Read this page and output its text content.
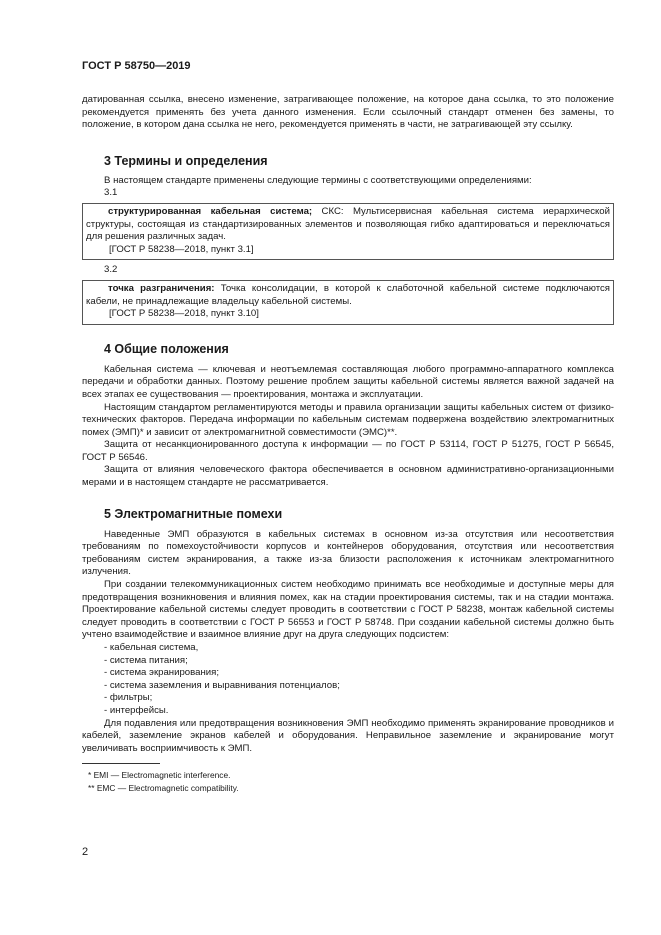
ГОСТ Р 58750—2019

датированная ссылка, внесено изменение, затрагивающее положение, на которое дана ссылка, то это положение рекомендуется применять без учета данного изменения. Если ссылочный стандарт отменен без замены, то положение, в котором дана ссылка не него, рекомендуется применять в части, не затрагивающей эту ссылку.

3 Термины и определения

В настоящем стандарте применены следующие термины с соответствующими определениями:

3.1

структурированная кабельная система; СКС: Мультисервисная кабельная система иерархической структуры, состоящая из стандартизированных элементов и позволяющая гибко адаптироваться и переключаться для решения различных задач.

[ГОСТ Р 58238—2018, пункт 3.1]
3.2

точка разграничения: Точка консолидации, в которой к слаботочной кабельной системе подключаются кабели, не принадлежащие владельцу кабельной системы.

[ГОСТ Р 58238—2018, пункт 3.10]
4 Общие положения

Кабельная система — ключевая и неотъемлемая составляющая любого программно-аппаратного комплекса передачи и обработки данных. Поэтому решение проблем защиты кабельной системы является важной задачей на всех этапах ее существования — проектирования, монтажа и эксплуатации.

Настоящим стандартом регламентируются методы и правила организации защиты кабельных систем от физико-технических факторов. Передача информации по кабельным системам подвержена воздействию электромагнитных помех (ЭМП)* и зависит от электромагнитной совместимости (ЭМС)**.

Защита от несанкционированного доступа к информации — по ГОСТ Р 53114, ГОСТ Р 51275, ГОСТ Р 56545, ГОСТ Р 56546.

Защита от влияния человеческого фактора обеспечивается в основном административно-организационными мерами и в настоящем стандарте не рассматривается.

5 Электромагнитные помехи

Наведенные ЭМП образуются в кабельных системах в основном из-за отсутствия или несоответствия требованиям по помехоустойчивости корпусов и контейнеров оборудования, отсутствия или несоответствия требованиям систем экранирования, а также из-за близости расположения к источникам электромагнитного излучения.

При создании телекоммуникационных систем необходимо принимать все необходимые и доступные меры для предотвращения возникновения и влияния помех, как на стадии проектирования системы, так и на стадии монтажа. Проектирование кабельной системы следует проводить в соответствии с ГОСТ Р 58238, монтаж кабельной системы следует проводить в соответствии с ГОСТ Р 56553 и ГОСТ Р 58748. При создании кабельной системы должно быть учтено взаимодействие и взаимное влияние друг на друга следующих подсистем:

- кабельная система,
- система питания;
- система экранирования;
- система заземления и выравнивания потенциалов;
- фильтры;
- интерфейсы.

Для подавления или предотвращения возникновения ЭМП необходимо применять экранирование проводников и кабелей, заземление экранов кабелей и оборудования. Неправильное заземление и экранирование могут увеличивать восприимчивость к ЭМП.

* EMI — Electromagnetic interference.
** EMC — Electromagnetic compatibility.
2
